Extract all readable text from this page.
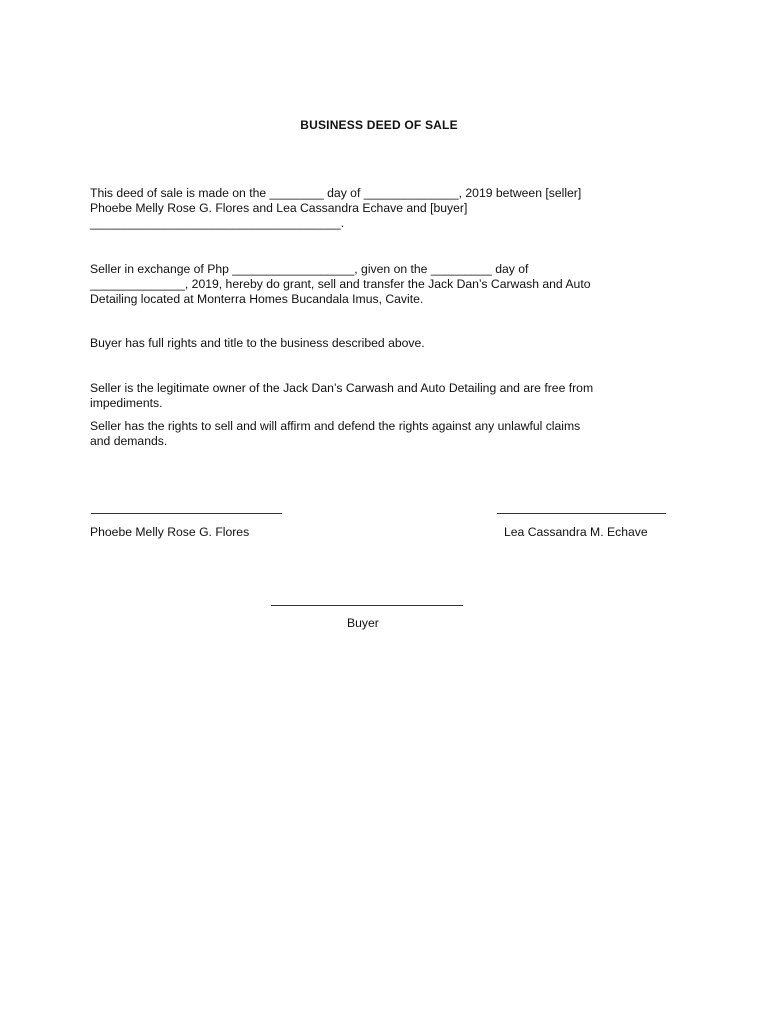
BUSINESS DEED OF SALE
This deed of sale is made on the ________ day of ______________, 2019 between [seller]
Phoebe Melly Rose G. Flores and Lea Cassandra Echave and [buyer]
_____________________________________.
Seller in exchange of Php __________________, given on the _________ day of
______________, 2019, hereby do grant, sell and transfer the Jack Dan’s Carwash and Auto
Detailing located at Monterra Homes Bucandala Imus, Cavite.
Buyer has full rights and title to the business described above.
Seller is the legitimate owner of the Jack Dan’s Carwash and Auto Detailing and are free from
impediments.
Seller has the rights to sell and will affirm and defend the rights against any unlawful claims
and demands.
Phoebe Melly Rose G. Flores	Lea Cassandra M. Echave
Buyer
